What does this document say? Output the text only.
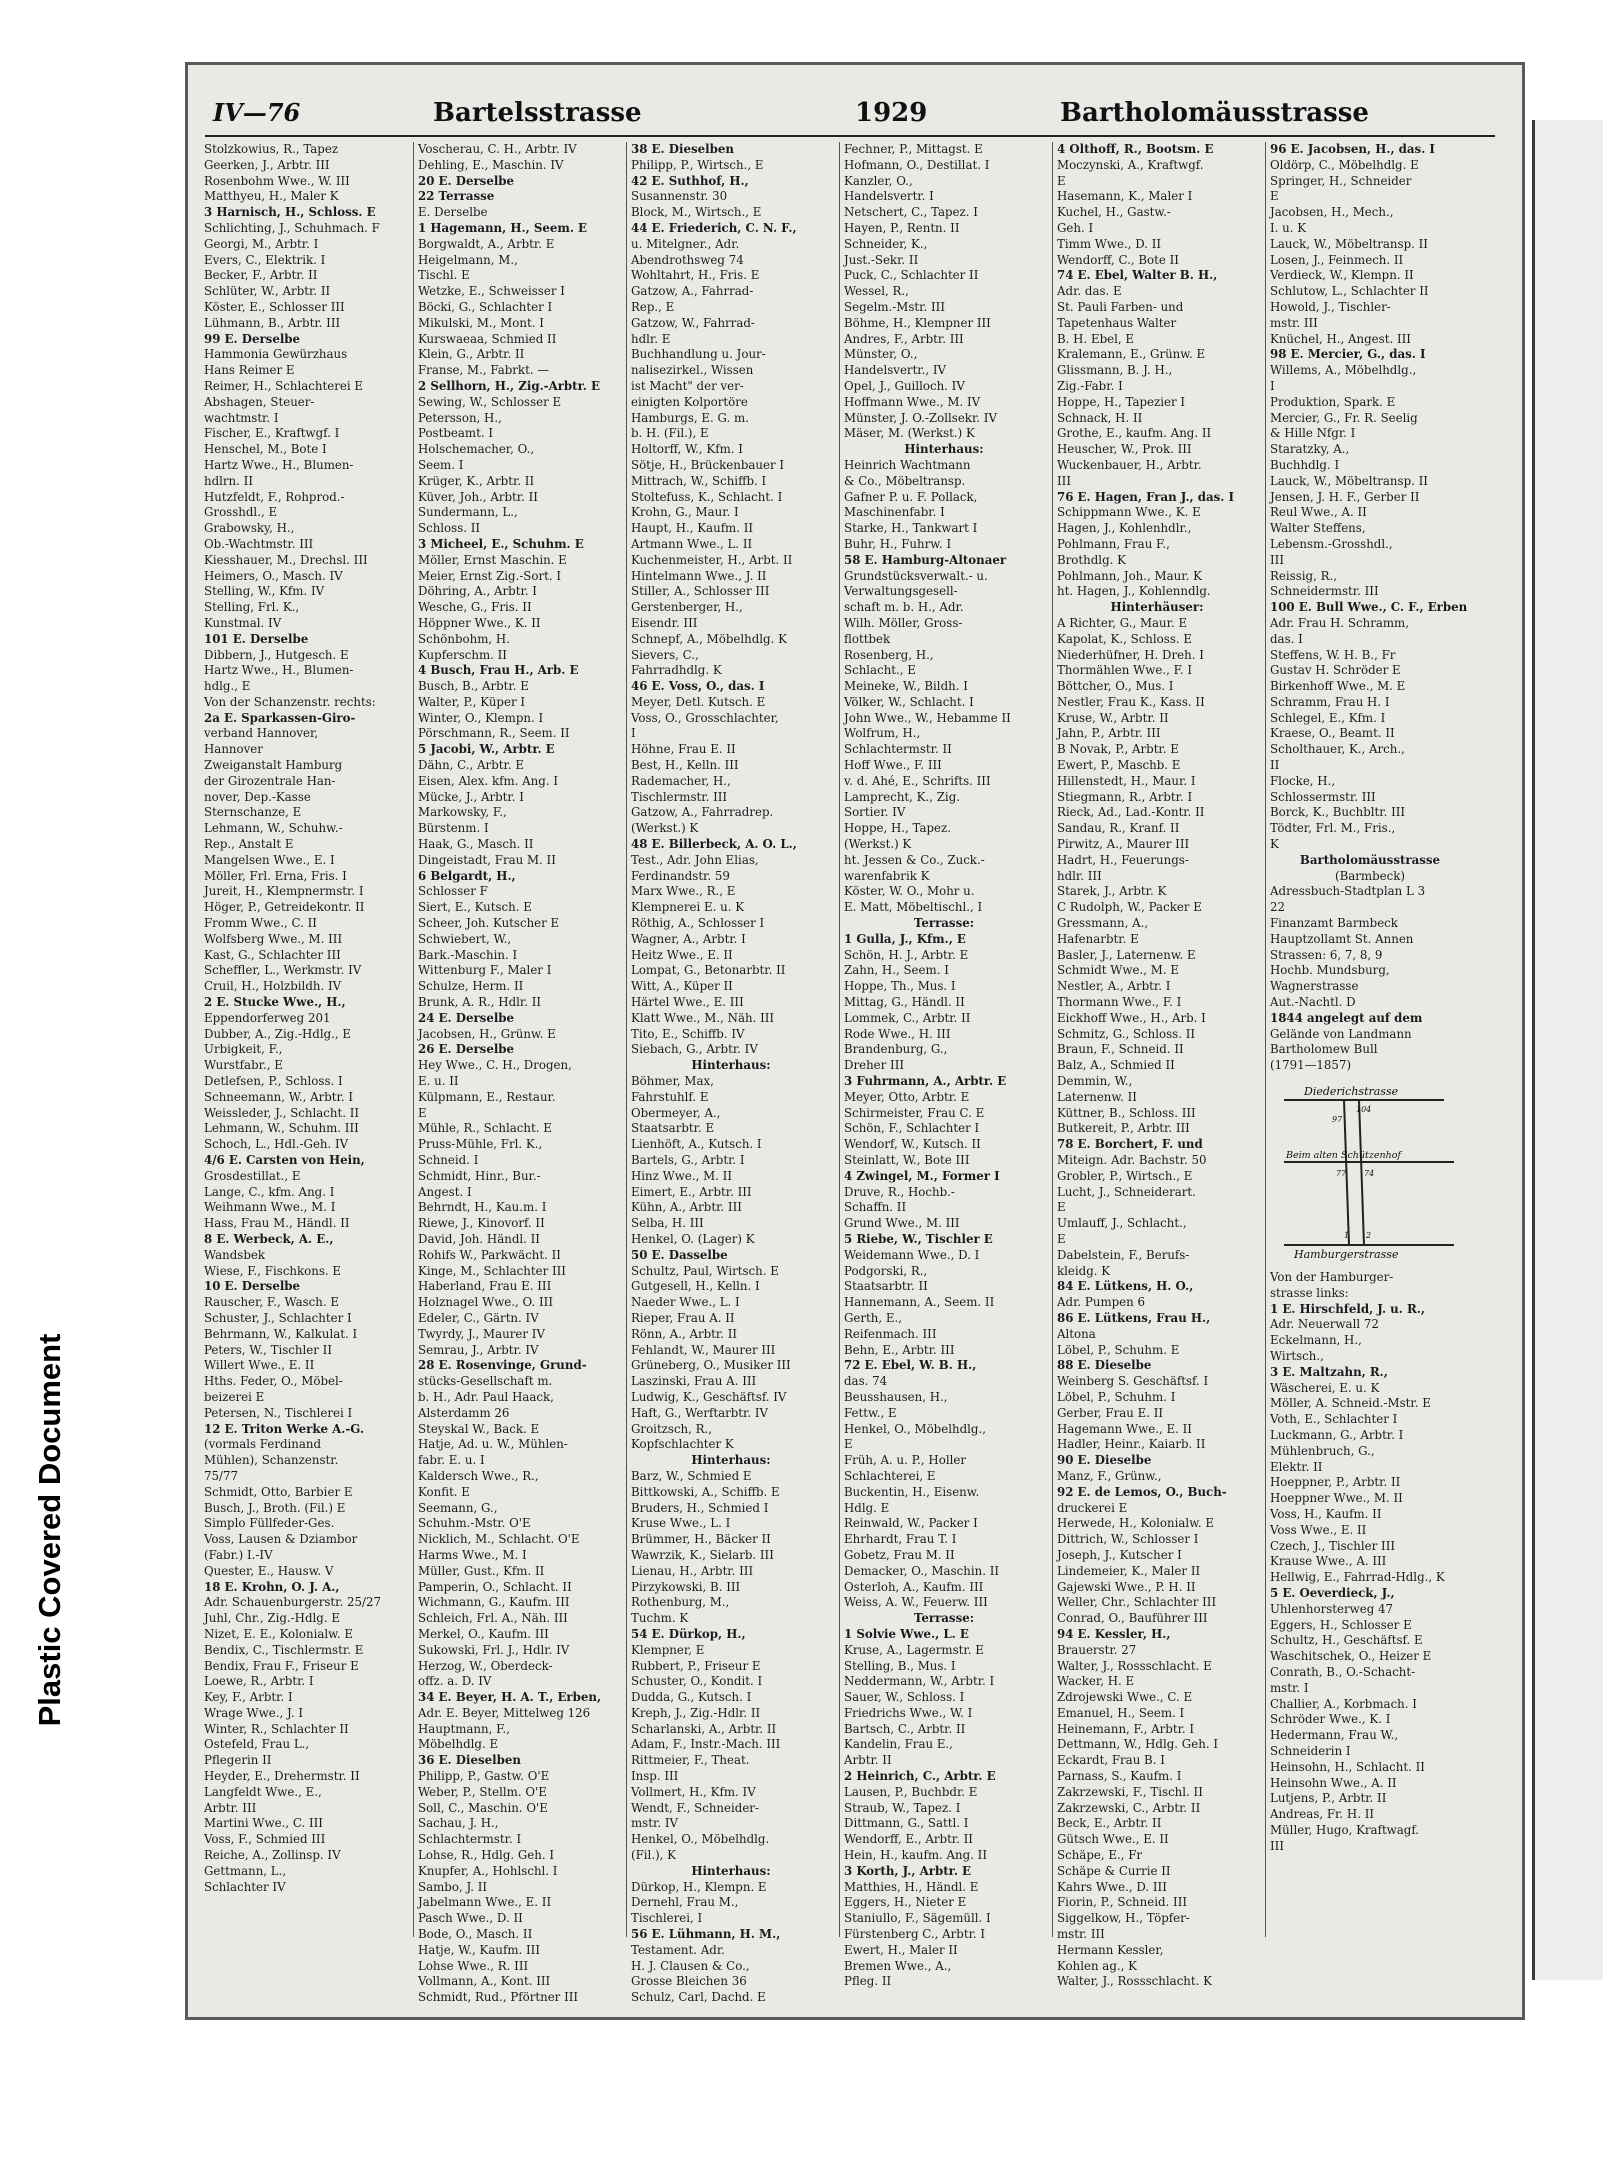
Plastic Covered Document
IV—76	Bartelsstrasse	1929	Bartholomäusstrasse
Stolzkowius, R., Tapez
Geerken, J., Arbtr. III
Rosenbohm Wwe., W. III
Matthyeu, H., Maler K
3 Harnisch, H., Schloss. E
Schlichting, J., Schuhmach. F
Georgi, M., Arbtr. I
Evers, C., Elektrik. I
Becker, F., Arbtr. II
Schlüter, W., Arbtr. II
Köster, E., Schlosser III
Lühmann, B., Arbtr. III
99 E. Derselbe
Hammonia Gewürzhaus
Hans Reimer E
Reimer, H., Schlachterei E
Abshagen, Steuer-
wachtmstr. I
Fischer, E., Kraftwgf. I
Henschel, M., Bote I
Hartz Wwe., H., Blumen-
hdlrn. II
Hutzfeldt, F., Rohprod.-
Grosshdl., E
Grabowsky, H.,
Ob.-Wachtmstr. III
Kiesshauer, M., Drechsl. III
Heimers, O., Masch. IV
Stelling, W., Kfm. IV
Stelling, Frl. K.,
Kunstmal. IV
101 E. Derselbe
Dibbern, J., Hutgesch. E
Hartz Wwe., H., Blumen-
hdlg., E
Von der Schanzenstr. rechts:
2a E. Sparkassen-Giro-
verband Hannover,
Hannover
Zweiganstalt Hamburg
der Girozentrale Han-
nover, Dep.-Kasse
Sternschanze, E
Lehmann, W., Schuhw.-
Rep., Anstalt E
Mangelsen Wwe., E. I
Möller, Frl. Erna, Fris. I
Jureit, H., Klempnermstr. I
Höger, P., Getreidekontr. II
Fromm Wwe., C. II
Wolfsberg Wwe., M. III
Kast, G., Schlachter III
Scheffler, L., Werkmstr. IV
Cruil, H., Holzbildh. IV
2 E. Stucke Wwe., H.,
Eppendorferweg 201
Dubber, A., Zig.-Hdlg., E
Urbigkeit, F.,
Wurstfabr., E
Detlefsen, P., Schloss. I
Schneemann, W., Arbtr. I
Weissleder, J., Schlacht. II
Lehmann, W., Schuhm. III
Schoch, L., Hdl.-Geh. IV
4/6 E. Carsten von Hein,
Grosdestillat., E
Lange, C., kfm. Ang. I
Weihmann Wwe., M. I
Hass, Frau M., Händl. II
8 E. Werbeck, A. E.,
Wandsbek
Wiese, F., Fischkons. E
10 E. Derselbe
Rauscher, F., Wasch. E
Schuster, J., Schlachter I
Behrmann, W., Kalkulat. I
Peters, W., Tischler II
Willert Wwe., E. II
Hths. Feder, O., Möbel-
beizerei E
Petersen, N., Tischlerei I
12 E. Triton Werke A.-G.
(vormals Ferdinand
Mühlen), Schanzenstr.
75/77
Schmidt, Otto, Barbier E
Busch, J., Broth. (Fil.) E
Simplo Füllfeder-Ges.
Voss, Lausen & Dziambor
(Fabr.) I.-IV
Quester, E., Hausw. V
18 E. Krohn, O. J. A.,
Adr. Schauenburgerstr. 25/27
Juhl, Chr., Zig.-Hdlg. E
Nizet, E. E., Kolonialw. E
Bendix, C., Tischlermstr. E
Bendix, Frau F., Friseur E
Loewe, R., Arbtr. I
Key, F., Arbtr. I
Wrage Wwe., J. I
Winter, R., Schlachter II
Ostefeld, Frau L.,
Pflegerin II
Heyder, E., Drehermstr. II
Langfeldt Wwe., E.,
Arbtr. III
Martini Wwe., C. III
Voss, F., Schmied III
Reiche, A., Zollinsp. IV
Gettmann, L.,
Schlachter IV
Voscherau, C. H., Arbtr. IV
Dehling, E., Maschin. IV
20 E. Derselbe
22 Terrasse
E. Derselbe
1 Hagemann, H., Seem. E
Borgwaldt, A., Arbtr. E
Heigelmann, M.,
Tischl. E
Wetzke, E., Schweisser I
Böcki, G., Schlachter I
Mikulski, M., Mont. I
Kurswaeaa, Schmied II
Klein, G., Arbtr. II
Franse, M., Fabrkt. —
2 Sellhorn, H., Zig.-Arbtr. E
Sewing, W., Schlosser E
Petersson, H.,
Postbeamt. I
Holschemacher, O.,
Seem. I
Krüger, K., Arbtr. II
Küver, Joh., Arbtr. II
Sundermann, L.,
Schloss. II
3 Micheel, E., Schuhm. E
Möller, Ernst Maschin. E
Meier, Ernst Zig.-Sort. I
Döhring, A., Arbtr. I
Wesche, G., Fris. II
Höppner Wwe., K. II
Schönbohm, H.
Kupferschm. II
4 Busch, Frau H., Arb. E
Busch, B., Arbtr. E
Walter, P., Küper I
Winter, O., Klempn. I
Pörschmann, R., Seem. II
5 Jacobi, W., Arbtr. E
Dähn, C., Arbtr. E
Eisen, Alex. kfm. Ang. I
Mücke, J., Arbtr. I
Markowsky, F.,
Bürstenm. I
Haak, G., Masch. II
Dingeistadt, Frau M. II
6 Belgardt, H.,
Schlosser F
Siert, E., Kutsch. E
Scheer, Joh. Kutscher E
Schwiebert, W.,
Bark.-Maschin. I
Wittenburg F., Maler I
Schulze, Herm. II
Brunk, A. R., Hdlr. II
24 E. Derselbe
Jacobsen, H., Grünw. E
26 E. Derselbe
Hey Wwe., C. H., Drogen,
E. u. II
Külpmann, E., Restaur.
E
Mühle, R., Schlacht. E
Pruss-Mühle, Frl. K.,
Schneid. I
Schmidt, Hinr., Bur.-
Angest. I
Behrndt, H., Kau.m. I
Riewe, J., Kinovorf. II
David, Joh. Händl. II
Rohifs W., Parkwächt. II
Kinge, M., Schlachter III
Haberland, Frau E. III
Holznagel Wwe., O. III
Edeler, C., Gärtn. IV
Twyrdy, J., Maurer IV
Semrau, J., Arbtr. IV
28 E. Rosenvinge, Grund-
stücks-Gesellschaft m.
b. H., Adr. Paul Haack,
Alsterdamm 26
Steyskal W., Back. E
Hatje, Ad. u. W., Mühlen-
fabr. E. u. I
Kaldersch Wwe., R.,
Konfit. E
Seemann, G.,
Schuhm.-Mstr. O'E
Nicklich, M., Schlacht. O'E
Harms Wwe., M. I
Müller, Gust., Kfm. II
Pamperin, O., Schlacht. II
Wichmann, G., Kaufm. III
Schleich, Frl. A., Näh. III
Merkel, O., Kaufm. III
Sukowski, Frl. J., Hdlr. IV
Herzog, W., Oberdeck-
offz. a. D. IV
34 E. Beyer, H. A. T., Erben,
Adr. E. Beyer, Mittelweg 126
Hauptmann, F.,
Möbelhdlg. E
36 E. Dieselben
Philipp, P., Gastw. O'E
Weber, P., Stellm. O'E
Soll, C., Maschin. O'E
Sachau, J. H.,
Schlachtermstr. I
Lohse, R., Hdlg. Geh. I
Knupfer, A., Hohlschl. I
Sambo, J. II
Jabelmann Wwe., E. II
Pasch Wwe., D. II
Bode, O., Masch. II
Hatje, W., Kaufm. III
Lohse Wwe., R. III
Vollmann, A., Kont. III
Schmidt, Rud., Pförtner III
38 E. Dieselben
Philipp, P., Wirtsch., E
42 E. Suthhof, H.,
Susannenstr. 30
Block, M., Wirtsch., E
44 E. Friederich, C. N. F.,
u. Mitelgner., Adr.
Abendrothsweg 74
Wohltahrt, H., Fris. E
Gatzow, A., Fahrrad-
Rep., E
Gatzow, W., Fahrrad-
hdlr. E
Buchhandlung u. Jour-
nalisezirkel., Wissen
ist Macht" der ver-
einigten Kolportöre
Hamburgs, E. G. m.
b. H. (Fil.), E
Holtorff, W., Kfm. I
Sötje, H., Brückenbauer I
Mittrach, W., Schiffb. I
Stoltefuss, K., Schlacht. I
Krohn, G., Maur. I
Haupt, H., Kaufm. II
Artmann Wwe., L. II
Kuchenmeister, H., Arbt. II
Hintelmann Wwe., J. II
Stiller, A., Schlosser III
Gerstenberger, H.,
Eisendr. III
Schnepf, A., Möbelhdlg. K
Sievers, C.,
Fahrradhdlg. K
46 E. Voss, O., das. I
Meyer, Detl. Kutsch. E
Voss, O., Grosschlachter,
I
Höhne, Frau E. II
Best, H., Kelln. III
Rademacher, H.,
Tischlermstr. III
Gatzow, A., Fahrradrep.
(Werkst.) K
48 E. Billerbeck, A. O. L.,
Test., Adr. John Elias,
Ferdinandstr. 59
Marx Wwe., R., E
Klempnerei E. u. K
Röthig, A., Schlosser I
Wagner, A., Arbtr. I
Heitz Wwe., E. II
Lompat, G., Betonarbtr. II
Witt, A., Küper II
Härtel Wwe., E. III
Klatt Wwe., M., Näh. III
Tito, E., Schiffb. IV
Siebach, G., Arbtr. IV
Hinterhaus:
Böhmer, Max,
Fahrstuhlf. E
Obermeyer, A.,
Staatsarbtr. E
Lienhöft, A., Kutsch. I
Bartels, G., Arbtr. I
Hinz Wwe., M. II
Eimert, E., Arbtr. III
Kühn, A., Arbtr. III
Selba, H. III
Henkel, O. (Lager) K
50 E. Dasselbe
Schultz, Paul, Wirtsch. E
Gutgesell, H., Kelln. I
Naeder Wwe., L. I
Rieper, Frau A. II
Rönn, A., Arbtr. II
Fehlandt, W., Maurer III
Grüneberg, O., Musiker III
Laszinski, Frau A. III
Ludwig, K., Geschäftsf. IV
Haft, G., Werftarbtr. IV
Groitzsch, R.,
Kopfschlachter K
Hinterhaus:
Barz, W., Schmied E
Bittkowski, A., Schiffb. E
Bruders, H., Schmied I
Kruse Wwe., L. I
Brümmer, H., Bäcker II
Wawrzik, K., Sielarb. III
Lienau, H., Arbtr. III
Pirzykowski, B. III
Rothenburg, M.,
Tuchm. K
54 E. Dürkop, H.,
Klempner, E
Rubbert, P., Friseur E
Schuster, O., Kondit. I
Dudda, G., Kutsch. I
Kreph, J., Zig.-Hdlr. II
Scharlanski, A., Arbtr. II
Adam, F., Instr.-Mach. III
Rittmeier, F., Theat.
Insp. III
Vollmert, H., Kfm. IV
Wendt, F., Schneider-
mstr. IV
Henkel, O., Möbelhdlg.
(Fil.), K
Hinterhaus:
Dürkop, H., Klempn. E
Dernehl, Frau M.,
Tischlerei, I
56 E. Lühmann, H. M.,
Testament. Adr.
H. J. Clausen & Co.,
Grosse Bleichen 36
Schulz, Carl, Dachd. E
Fechner, P., Mittagst. E
Hofmann, O., Destillat. I
Kanzler, O.,
Handelsvertr. I
Netschert, C., Tapez. I
Hayen, P., Rentn. II
Schneider, K.,
Just.-Sekr. II
Puck, C., Schlachter II
Wessel, R.,
Segelm.-Mstr. III
Böhme, H., Klempner III
Andres, F., Arbtr. III
Münster, O.,
Handelsvertr., IV
Opel, J., Guilloch. IV
Hoffmann Wwe., M. IV
Münster, J. O.-Zollsekr. IV
Mäser, M. (Werkst.) K
Hinterhaus:
Heinrich Wachtmann
& Co., Möbeltransp.
Gafner P. u. F. Pollack,
Maschinenfabr. I
Starke, H., Tankwart I
Buhr, H., Fuhrw. I
58 E. Hamburg-Altonaer
Grundstücksverwalt.- u.
Verwaltungsgesell-
schaft m. b. H., Adr.
Wilh. Möller, Gross-
flottbek
Rosenberg, H.,
Schlacht., E
Meineke, W., Bildh. I
Völker, W., Schlacht. I
John Wwe., W., Hebamme II
Wolfrum, H.,
Schlachtermstr. II
Hoff Wwe., F. III
v. d. Ahé, E., Schrifts. III
Lamprecht, K., Zig.
Sortier. IV
Hoppe, H., Tapez.
(Werkst.) K
ht. Jessen & Co., Zuck.-
warenfabrik K
Köster, W. O., Mohr u.
E. Matt, Möbeltischl., I
Terrasse:
1 Gulla, J., Kfm., E
Schön, H. J., Arbtr. E
Zahn, H., Seem. I
Hoppe, Th., Mus. I
Mittag, G., Händl. II
Lommek, C., Arbtr. II
Rode Wwe., H. III
Brandenburg, G.,
Dreher III
3 Fuhrmann, A., Arbtr. E
Meyer, Otto, Arbtr. E
Schirmeister, Frau C. E
Schön, F., Schlachter I
Wendorf, W., Kutsch. II
Steinlatt, W., Bote III
4 Zwingel, M., Former I
Druve, R., Hochb.-
Schaffn. II
Grund Wwe., M. III
5 Riebe, W., Tischler E
Weidemann Wwe., D. I
Podgorski, R.,
Staatsarbtr. II
Hannemann, A., Seem. II
Gerth, E.,
Reifenmach. III
Behn, E., Arbtr. III
72 E. Ebel, W. B. H.,
das. 74
Beusshausen, H.,
Fettw., E
Henkel, O., Möbelhdlg.,
E
Früh, A. u. P., Holler
Schlachterei, E
Buckentin, H., Eisenw.
Hdlg. E
Reinwald, W., Packer I
Ehrhardt, Frau T. I
Gobetz, Frau M. II
Demacker, O., Maschin. II
Osterloh, A., Kaufm. III
Weiss, A. W., Feuerw. III
Terrasse:
1 Solvie Wwe., L. E
Kruse, A., Lagermstr. E
Stelling, B., Mus. I
Neddermann, W., Arbtr. I
Sauer, W., Schloss. I
Friedrichs Wwe., W. I
Bartsch, C., Arbtr. II
Kandelin, Frau E.,
Arbtr. II
2 Heinrich, C., Arbtr. E
Lausen, P., Buchbdr. E
Straub, W., Tapez. I
Dittmann, G., Sattl. I
Wendorff, E., Arbtr. II
Hein, H., kaufm. Ang. II
3 Korth, J., Arbtr. E
Matthies, H., Händl. E
Eggers, H., Nieter E
Staniullo, F., Sägemüll. I
Fürstenberg C., Arbtr. I
Ewert, H., Maler II
Bremen Wwe., A.,
Pfleg. II
4 Olthoff, R., Bootsm. E
Moczynski, A., Kraftwgf.
E
Hasemann, K., Maler I
Kuchel, H., Gastw.-
Geh. I
Timm Wwe., D. II
Wendorff, C., Bote II
74 E. Ebel, Walter B. H.,
Adr. das. E
St. Pauli Farben- und
Tapetenhaus Walter
B. H. Ebel, E
Kralemann, E., Grünw. E
Glissmann, B. J. H.,
Zig.-Fabr. I
Hoppe, H., Tapezier I
Schnack, H. II
Grothe, E., kaufm. Ang. II
Heuscher, W., Prok. III
Wuckenbauer, H., Arbtr.
III
76 E. Hagen, Fran J., das. I
Schippmann Wwe., K. E
Hagen, J., Kohlenhdlr.,
Pohlmann, Frau F.,
Brothdlg. K
Pohlmann, Joh., Maur. K
ht. Hagen, J., Kohlenndlg.
Hinterhäuser:
A Richter, G., Maur. E
Kapolat, K., Schloss. E
Niederhüfner, H. Dreh. I
Thormählen Wwe., F. I
Böttcher, O., Mus. I
Nestler, Frau K., Kass. II
Kruse, W., Arbtr. II
Jahn, P., Arbtr. III
B Novak, P., Arbtr. E
Ewert, P., Maschb. E
Hillenstedt, H., Maur. I
Stiegmann, R., Arbtr. I
Rieck, Ad., Lad.-Kontr. II
Sandau, R., Kranf. II
Pirwitz, A., Maurer III
Hadrt, H., Feuerungs-
hdlr. III
Starek, J., Arbtr. K
C Rudolph, W., Packer E
Gressmann, A.,
Hafenarbtr. E
Basler, J., Laternenw. E
Schmidt Wwe., M. E
Nestler, A., Arbtr. I
Thormann Wwe., F. I
Eickhoff Wwe., H., Arb. I
Schmitz, G., Schloss. II
Braun, F., Schneid. II
Balz, A., Schmied II
Demmin, W.,
Laternenw. II
Küttner, B., Schloss. III
Butkereit, P., Arbtr. III
78 E. Borchert, F. und
Miteign. Adr. Bachstr. 50
Grobler, P., Wirtsch., E
Lucht, J., Schneiderart.
E
Umlauff, J., Schlacht.,
E
Dabelstein, F., Berufs-
kleidg. K
84 E. Lütkens, H. O.,
Adr. Pumpen 6
86 E. Lütkens, Frau H.,
Altona
Löbel, P., Schuhm. E
88 E. Dieselbe
Weinberg S. Geschäftsf. I
Löbel, P., Schuhm. I
Gerber, Frau E. II
Hagemann Wwe., E. II
Hadler, Heinr., Kaiarb. II
90 E. Dieselbe
Manz, F., Grünw.,
92 E. de Lemos, O., Buch-
druckerei E
Herwede, H., Kolonialw. E
Dittrich, W., Schlosser I
Joseph, J., Kutscher I
Lindemeier, K., Maler II
Gajewski Wwe., P. H. II
Weller, Chr., Schlachter III
Conrad, O., Bauführer III
94 E. Kessler, H.,
Brauerstr. 27
Walter, J., Rossschlacht. E
Wacker, H. E
Zdrojewski Wwe., C. E
Emanuel, H., Seem. I
Heinemann, F., Arbtr. I
Dettmann, W., Hdlg. Geh. I
Eckardt, Frau B. I
Parnass, S., Kaufm. I
Zakrzewski, F., Tischl. II
Zakrzewski, C., Arbtr. II
Beck, E., Arbtr. II
Gütsch Wwe., E. II
Schäpe, E., Fr
Schäpe & Currie II
Kahrs Wwe., D. III
Fiorin, P., Schneid. III
Siggelkow, H., Töpfer-
mstr. III
Hermann Kessler,
Kohlen ag., K
Walter, J., Rossschlacht. K
96 E. Jacobsen, H., das. I
Oldörp, C., Möbelhdlg. E
Springer, H., Schneider
E
Jacobsen, H., Mech.,
I. u. K
Lauck, W., Möbeltransp. II
Losen, J., Feinmech. II
Verdieck, W., Klempn. II
Schlutow, L., Schlachter II
Howold, J., Tischler-
mstr. III
Knüchel, H., Angest. III
98 E. Mercier, G., das. I
Willems, A., Möbelhdlg.,
I
Produktion, Spark. E
Mercier, G., Fr. R. Seelig
& Hille Nfgr. I
Staratzky, A.,
Buchhdlg. I
Lauck, W., Möbeltransp. II
Jensen, J. H. F., Gerber II
Reul Wwe., A. II
Walter Steffens,
Lebensm.-Grosshdl.,
III
Reissig, R.,
Schneidermstr. III
100 E. Bull Wwe., C. F., Erben
Adr. Frau H. Schramm,
das. I
Steffens, W. H. B., Fr
Gustav H. Schröder E
Birkenhoff Wwe., M. E
Schramm, Frau H. I
Schlegel, E., Kfm. I
Kraese, O., Beamt. II
Scholthauer, K., Arch.,
II
Flocke, H.,
Schlossermstr. III
Borck, K., Buchbltr. III
Tödter, Frl. M., Fris.,
K
Bartholomäusstrasse
(Barmbeck)
Adressbuch-Stadtplan L 3
22
Finanzamt Barmbeck
Hauptzollamt St. Annen
Strassen: 6, 7, 8, 9
Hochb. Mundsburg,
Wagnerstrasse
Aut.-Nachtl. D
1844 angelegt auf dem
Gelände von Landmann
Bartholomew Bull
(1791—1857)
Diederichstrasse
Beim alten Schützenhof
Hamburgerstrasse
104
97
77 74
1 2
Von der Hamburger-
strasse links:
1 E. Hirschfeld, J. u. R.,
Adr. Neuerwall 72
Eckelmann, H.,
Wirtsch.,
3 E. Maltzahn, R.,
Wäscherei, E. u. K
Möller, A. Schneid.-Mstr. E
Voth, E., Schlachter I
Luckmann, G., Arbtr. I
Mühlenbruch, G.,
Elektr. II
Hoeppner, P., Arbtr. II
Hoeppner Wwe., M. II
Voss, H., Kaufm. II
Voss Wwe., E. II
Czech, J., Tischler III
Krause Wwe., A. III
Hellwig, E., Fahrrad-Hdlg., K
5 E. Oeverdieck, J.,
Uhlenhorsterweg 47
Eggers, H., Schlosser E
Schultz, H., Geschäftsf. E
Waschitschek, O., Heizer E
Conrath, B., O.-Schacht-
mstr. I
Challier, A., Korbmach. I
Schröder Wwe., K. I
Hedermann, Frau W.,
Schneiderin I
Heinsohn, H., Schlacht. II
Heinsohn Wwe., A. II
Lutjens, P., Arbtr. II
Andreas, Fr. H. II
Müller, Hugo, Kraftwagf.
III
